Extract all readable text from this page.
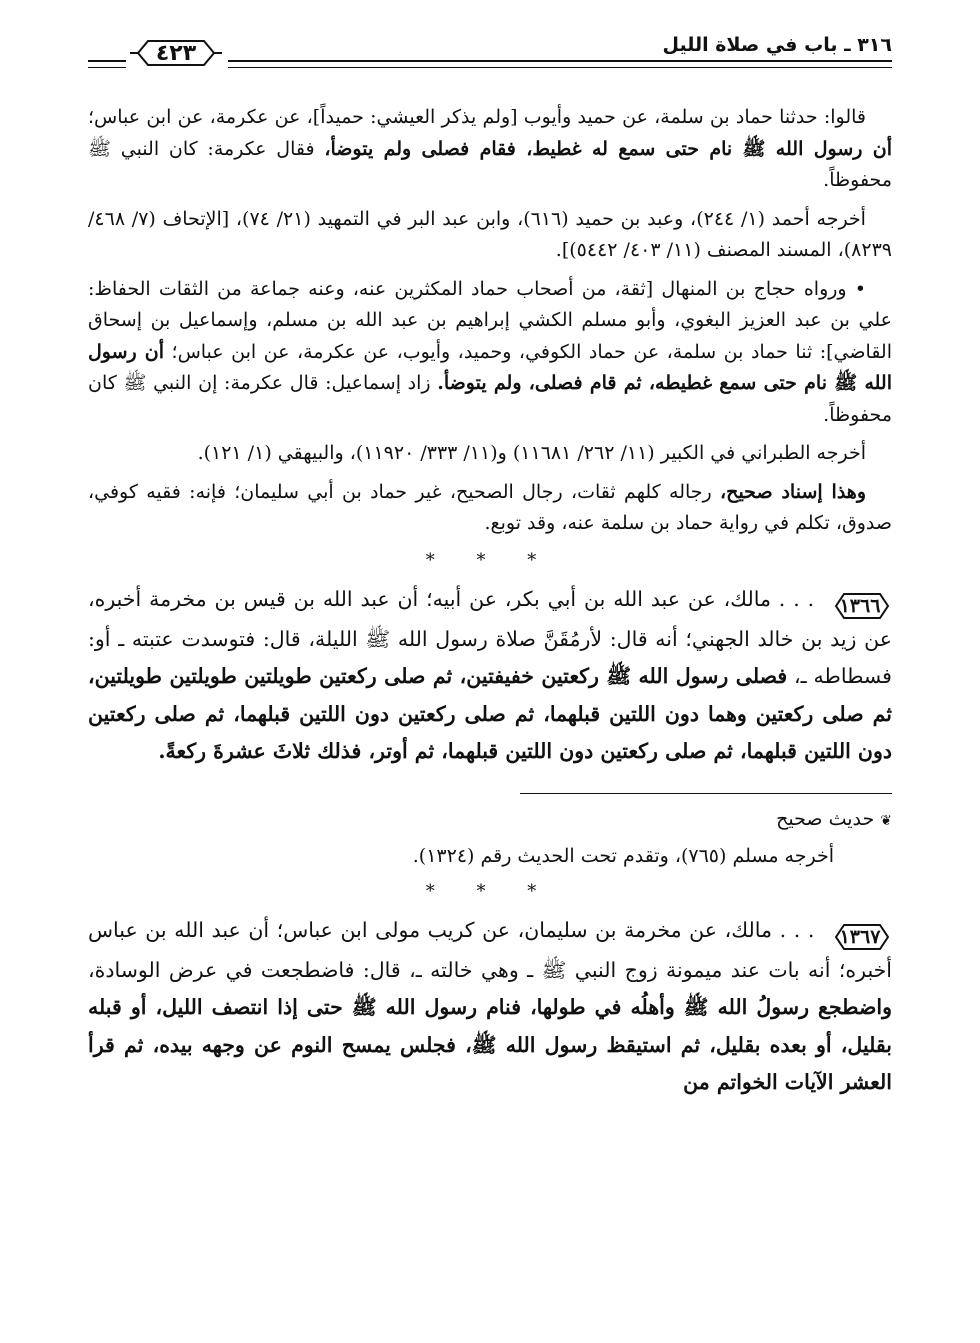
٣١٦ ـ باب في صلاة الليل
٤٢٣

قالوا: حدثنا حماد بن سلمة، عن حميد وأيوب [ولم يذكر العيشي: حميداً]، عن عكرمة، عن ابن عباس؛ أن رسول الله ﷺ نام حتى سمع له غطيط، فقام فصلى ولم يتوضأ، فقال عكرمة: كان النبي ﷺ محفوظاً.

أخرجه أحمد (١/ ٢٤٤)، وعبد بن حميد (٦١٦)، وابن عبد البر في التمهيد (٢١/ ٧٤)، [الإتحاف (٧/ ٤٦٨/ ٨٢٣٩)، المسند المصنف (١١/ ٤٠٣/ ٥٤٤٢)].

• ورواه حجاج بن المنهال [ثقة، من أصحاب حماد المكثرين عنه، وعنه جماعة من الثقات الحفاظ: علي بن عبد العزيز البغوي، وأبو مسلم الكشي إبراهيم بن عبد الله بن مسلم، وإسماعيل بن إسحاق القاضي]: ثنا حماد بن سلمة، عن حماد الكوفي، وحميد، وأيوب، عن عكرمة، عن ابن عباس؛ أن رسول الله ﷺ نام حتى سمع غطيطه، ثم قام فصلى، ولم يتوضأ. زاد إسماعيل: قال عكرمة: إن النبي ﷺ كان محفوظاً.

أخرجه الطبراني في الكبير (١١/ ٢٦٢/ ١١٦٨١) و(١١/ ٣٣٣/ ١١٩٢٠)، والبيهقي (١/ ١٢١).

وهذا إسناد صحيح، رجاله كلهم ثقات، رجال الصحيح، غير حماد بن أبي سليمان؛ فإنه: فقيه كوفي، صدوق، تكلم في رواية حماد بن سلمة عنه، وقد توبع.

* * *

١٣٦٦ . . . مالك، عن عبد الله بن أبي بكر، عن أبيه؛ أن عبد الله بن قيس بن مخرمة أخبره، عن زيد بن خالد الجهني؛ أنه قال: لأرمُقَنَّ صلاة رسول الله ﷺ الليلة، قال: فتوسدت عتبته ـ أو: فسطاطه ـ، فصلى رسول الله ﷺ ركعتين خفيفتين، ثم صلى ركعتين طويلتين طويلتين طويلتين، ثم صلى ركعتين وهما دون اللتين قبلهما، ثم صلى ركعتين دون اللتين قبلهما، ثم صلى ركعتين دون اللتين قبلهما، ثم صلى ركعتين دون اللتين قبلهما، ثم أوتر، فذلك ثلاثَ عشرةَ ركعةً.

❦حديث صحيح

أخرجه مسلم (٧٦٥)، وتقدم تحت الحديث رقم (١٣٢٤).

* * *

١٣٦٧ . . . مالك، عن مخرمة بن سليمان، عن كريب مولى ابن عباس؛ أن عبد الله بن عباس أخبره؛ أنه بات عند ميمونة زوج النبي ﷺ ـ وهي خالته ـ، قال: فاضطجعت في عرض الوسادة، واضطجع رسولُ الله ﷺ وأهلُه في طولها، فنام رسول الله ﷺ حتى إذا انتصف الليل، أو قبله بقليل، أو بعده بقليل، ثم استيقظ رسول الله ﷺ، فجلس يمسح النوم عن وجهه بيده، ثم قرأ العشر الآيات الخواتم من
